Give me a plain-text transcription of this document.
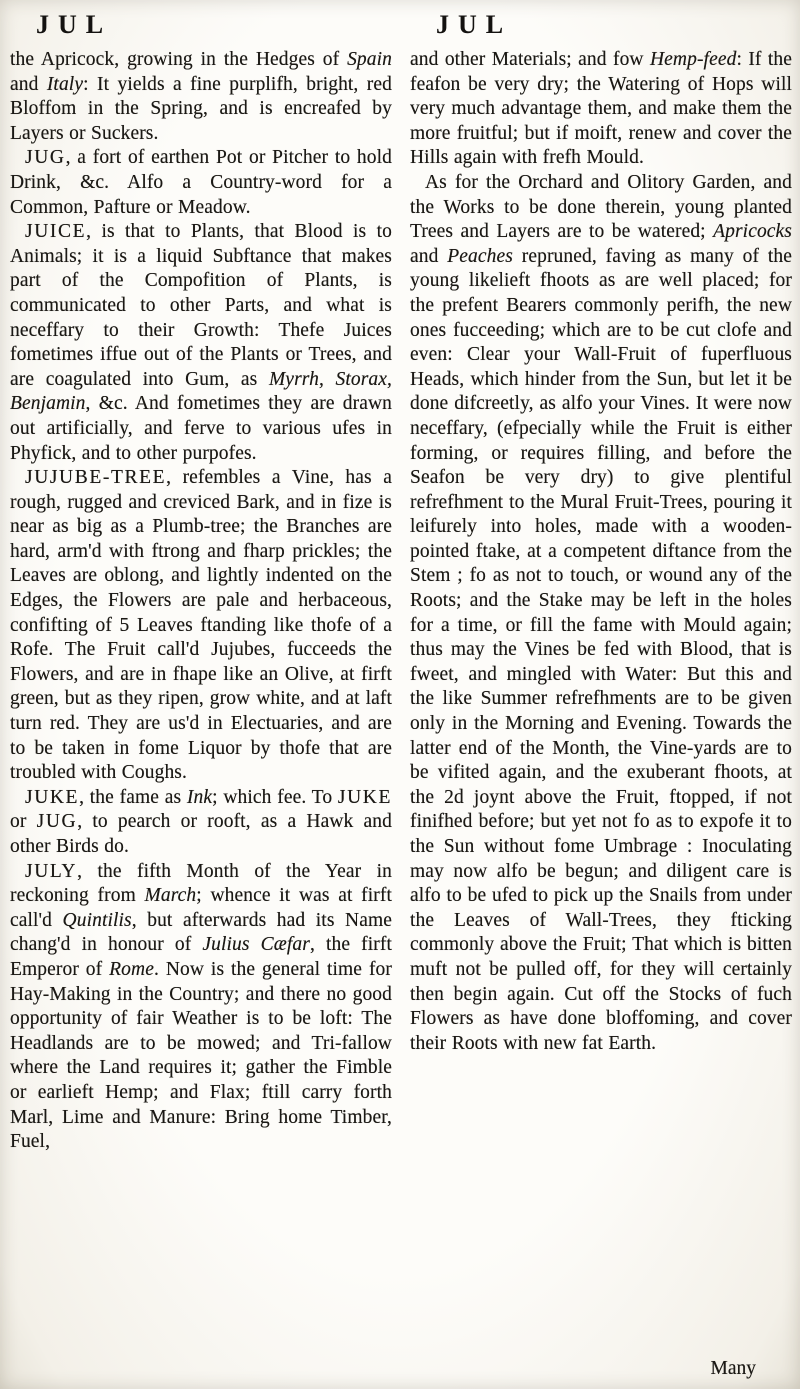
JUL

the Apricock, growing in the Hedges of Spain and Italy: It yields a fine purplifh, bright, red Bloffom in the Spring, and is encreafed by Layers or Suckers.

JUG, a fort of earthen Pot or Pitcher to hold Drink, &c. Alfo a Country-word for a Common, Pafture or Meadow.

JUICE, is that to Plants, that Blood is to Animals; it is a liquid Subftance that makes part of the Compofition of Plants, is communicated to other Parts, and what is neceffary to their Growth: Thefe Juices fometimes iffue out of the Plants or Trees, and are coagulated into Gum, as Myrrh, Storax, Benjamin, &c. And fometimes they are drawn out artificially, and ferve to various ufes in Phyfick, and to other purpofes.

JUJUBE-TREE, refembles a Vine, has a rough, rugged and creviced Bark, and in fize is near as big as a Plumb-tree; the Branches are hard, arm'd with ftrong and fharp prickles; the Leaves are oblong, and lightly indented on the Edges, the Flowers are pale and herbaceous, confifting of 5 Leaves ftanding like thofe of a Rofe. The Fruit call'd Jujubes, fucceeds the Flowers, and are in fhape like an Olive, at firft green, but as they ripen, grow white, and at laft turn red. They are us'd in Electuaries, and are to be taken in fome Liquor by thofe that are troubled with Coughs.

JUKE, the fame as Ink; which fee. To JUKE or JUG, to pearch or rooft, as a Hawk and other Birds do.

JULY, the fifth Month of the Year in reckoning from March; whence it was at firft call'd Quintilis, but afterwards had its Name chang'd in honour of Julius Cæfar, the firft Emperor of Rome. Now is the general time for Hay-Making in the Country; and there no good opportunity of fair Weather is to be loft: The Headlands are to be mowed; and Tri-fallow where the Land requires it; gather the Fimble or earlieft Hemp; and Flax; ftill carry forth Marl, Lime and Manure: Bring home Timber, Fuel,

JUL

and other Materials; and fow Hemp-feed: If the feafon be very dry; the Watering of Hops will very much advantage them, and make them the more fruitful; but if moift, renew and cover the Hills again with frefh Mould.

As for the Orchard and Olitory Garden, and the Works to be done therein, young planted Trees and Layers are to be watered; Apricocks and Peaches repruned, faving as many of the young likelieft fhoots as are well placed; for the prefent Bearers commonly perifh, the new ones fucceeding; which are to be cut clofe and even: Clear your Wall-Fruit of fuperfluous Heads, which hinder from the Sun, but let it be done difcreetly, as alfo your Vines. It were now neceffary, (efpecially while the Fruit is either forming, or requires filling, and before the Seafon be very dry) to give plentiful refrefhment to the Mural Fruit-Trees, pouring it leifurely into holes, made with a wooden-pointed ftake, at a competent diftance from the Stem ; fo as not to touch, or wound any of the Roots; and the Stake may be left in the holes for a time, or fill the fame with Mould again; thus may the Vines be fed with Blood, that is fweet, and mingled with Water: But this and the like Summer refrefhments are to be given only in the Morning and Evening. Towards the latter end of the Month, the Vine-yards are to be vifited again, and the exuberant fhoots, at the 2d joynt above the Fruit, ftopped, if not finifhed before; but yet not fo as to expofe it to the Sun without fome Umbrage : Inoculating may now alfo be begun; and diligent care is alfo to be ufed to pick up the Snails from under the Leaves of Wall-Trees, they fticking commonly above the Fruit; That which is bitten muft not be pulled off, for they will certainly then begin again. Cut off the Stocks of fuch Flowers as have done bloffoming, and cover their Roots with new fat Earth.

Many
